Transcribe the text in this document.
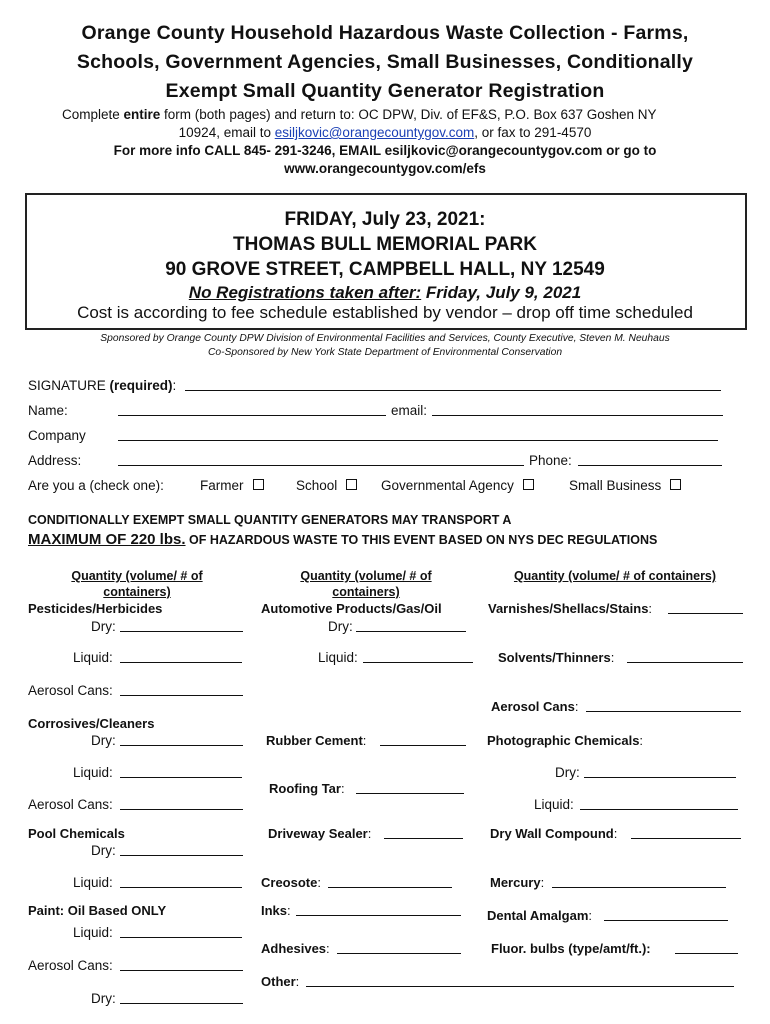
Orange County Household Hazardous Waste Collection - Farms,
Schools, Government Agencies, Small Businesses, Conditionally
Exempt Small Quantity Generator Registration
Complete entire form (both pages) and return to: OC DPW, Div. of EF&S, P.O. Box 637 Goshen NY
10924, email to esiljkovic@orangecountygov.com, or fax to 291-4570
For more info CALL 845- 291-3246, EMAIL esiljkovic@orangecountygov.com or go to
www.orangecountygov.com/efs
FRIDAY, July 23, 2021:
THOMAS BULL MEMORIAL PARK
90 GROVE STREET, CAMPBELL HALL, NY 12549
No Registrations taken after: Friday, July 9, 2021
Cost is according to fee schedule established by vendor – drop off time scheduled
Sponsored by Orange County DPW Division of Environmental Facilities and Services, County Executive, Steven M. Neuhaus
Co-Sponsored by New York State Department of Environmental Conservation
SIGNATURE (required):
Name:	email:
Company
Address:	Phone:
Are you a (check one):	Farmer	School	Governmental Agency	Small Business
CONDITIONALLY EXEMPT SMALL QUANTITY GENERATORS MAY TRANSPORT A
MAXIMUM OF 220 lbs. OF HAZARDOUS WASTE TO THIS EVENT BASED ON NYS DEC REGULATIONS
Quantity (volume/ # of
containers)
Quantity (volume/ # of
containers)
Quantity (volume/ # of containers)
Pesticides/Herbicides
Dry:
Liquid:
Aerosol Cans:
Corrosives/Cleaners
Dry:
Liquid:
Aerosol Cans:
Pool Chemicals
Dry:
Liquid:
Paint: Oil Based ONLY
Liquid:
Aerosol Cans:
Dry:
Automotive Products/Gas/Oil
Dry:
Liquid:
Rubber Cement:
Roofing Tar:
Driveway Sealer:
Creosote:
Inks:
Adhesives:
Other:
Varnishes/Shellacs/Stains:
Solvents/Thinners:
Aerosol Cans:
Photographic Chemicals:
Dry:
Liquid:
Dry Wall Compound:
Mercury:
Dental Amalgam:
Fluor. bulbs (type/amt/ft.):
